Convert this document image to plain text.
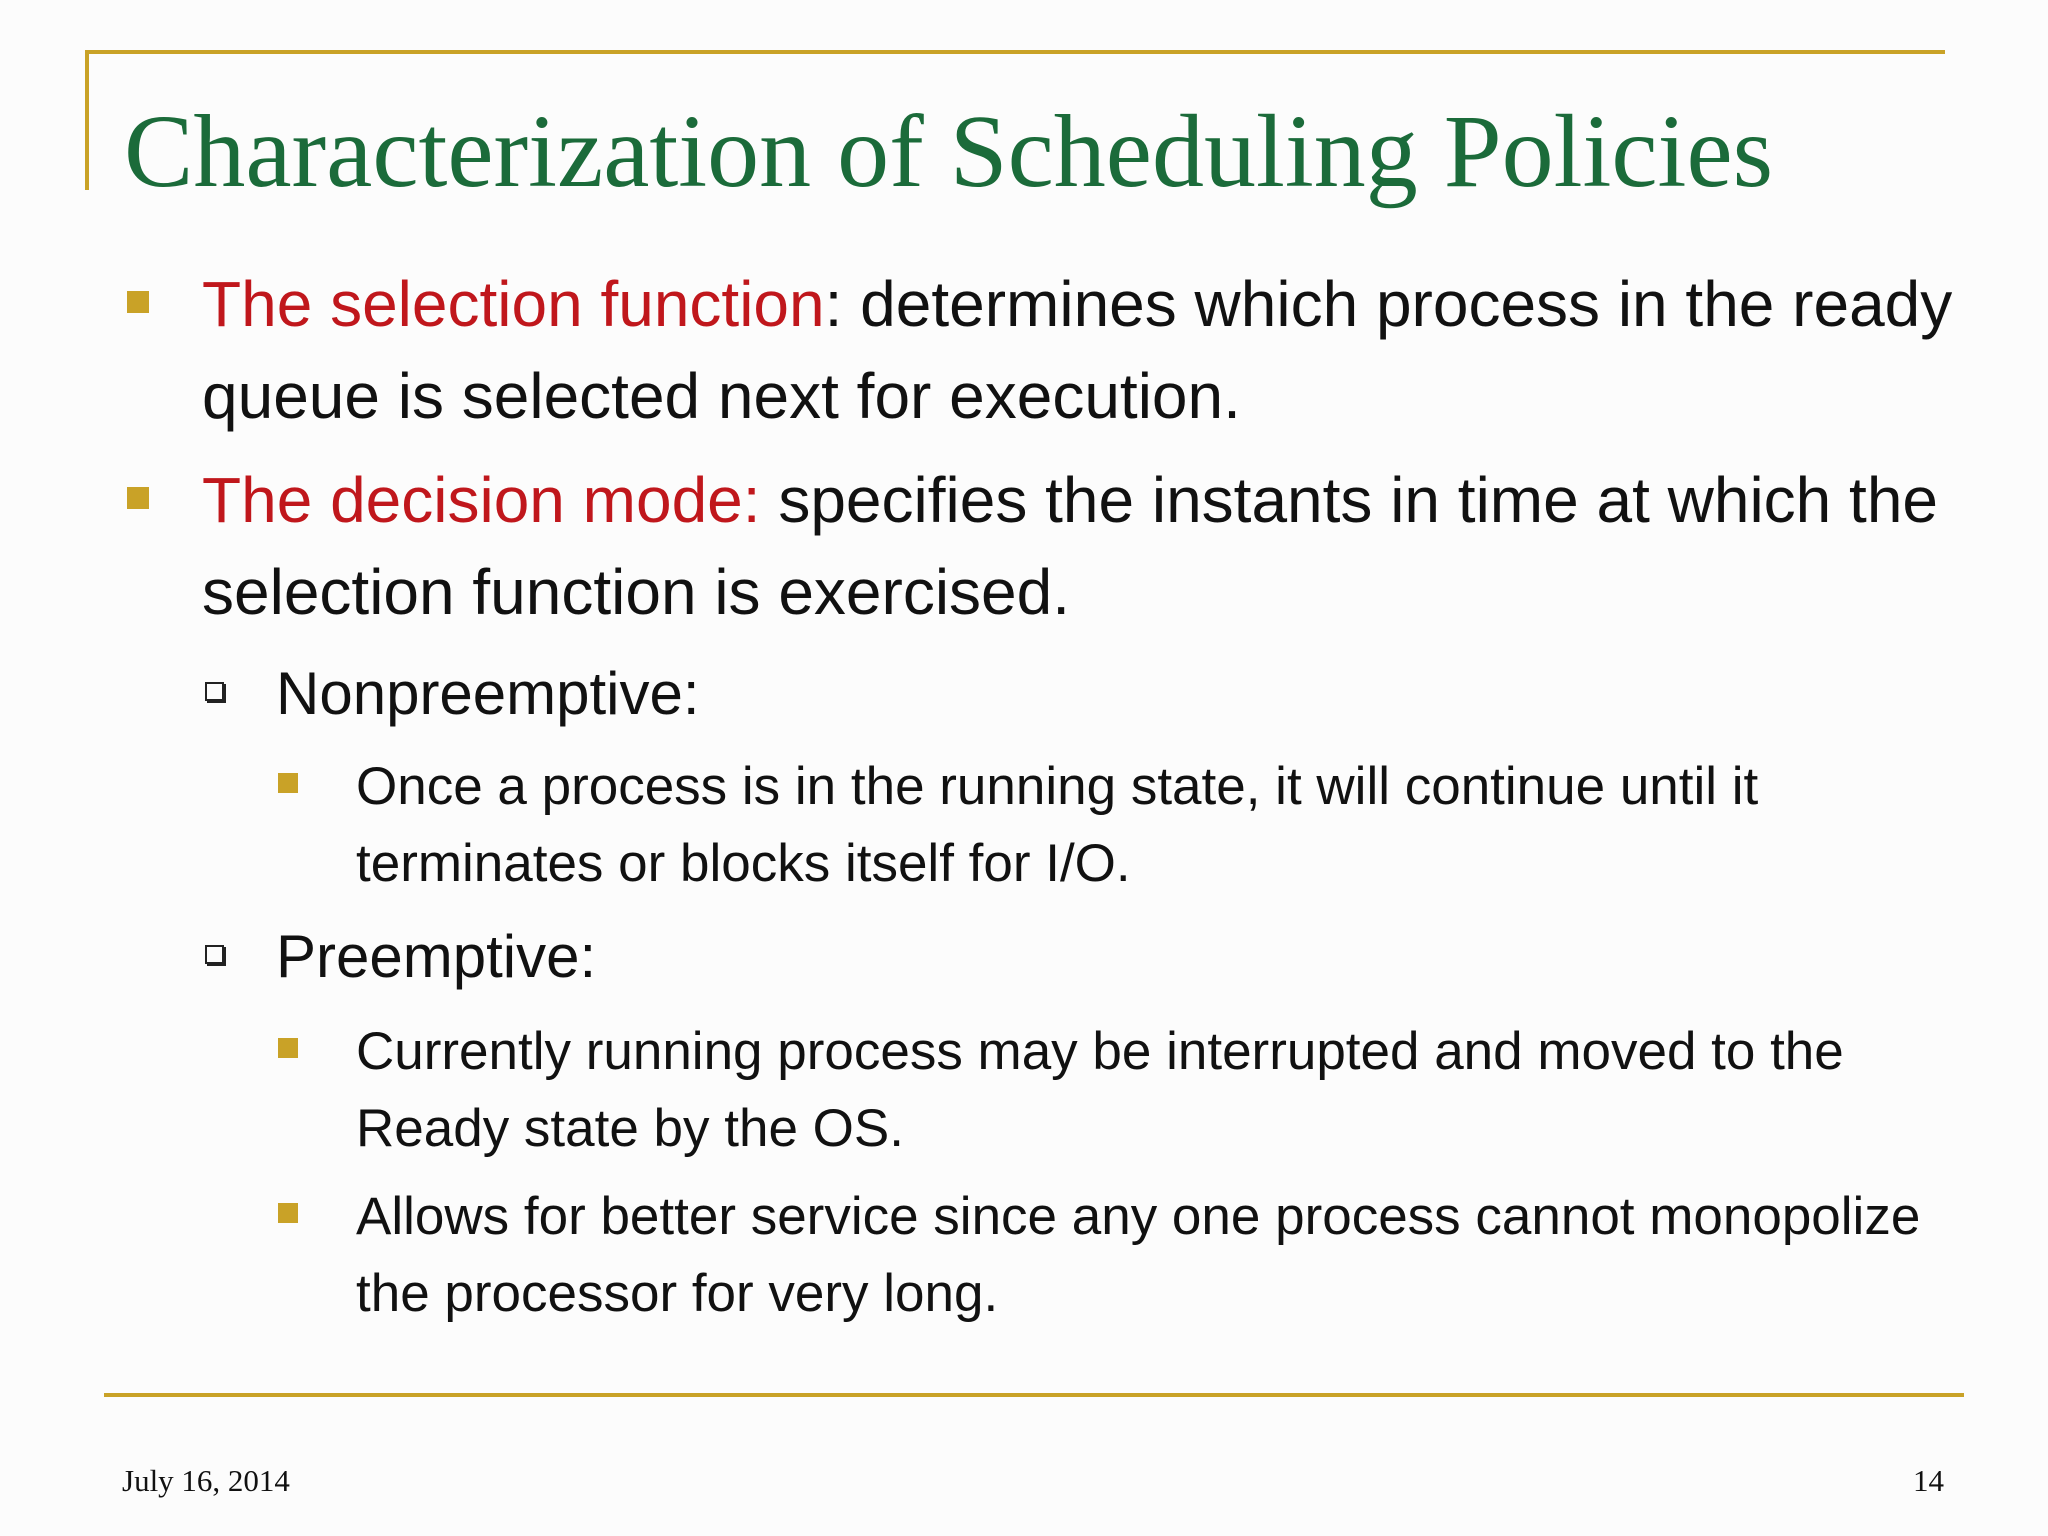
Characterization of Scheduling Policies
The selection function: determines which process in the ready queue is selected next for execution.
The decision mode: specifies the instants in time at which the selection function is exercised.
Nonpreemptive:
Once a process is in the running state, it will continue until it terminates or blocks itself for I/O.
Preemptive:
Currently running process may be interrupted and moved to the Ready state by the OS.
Allows for better service since any one process cannot monopolize the processor for very long.
July 16, 2014	14
